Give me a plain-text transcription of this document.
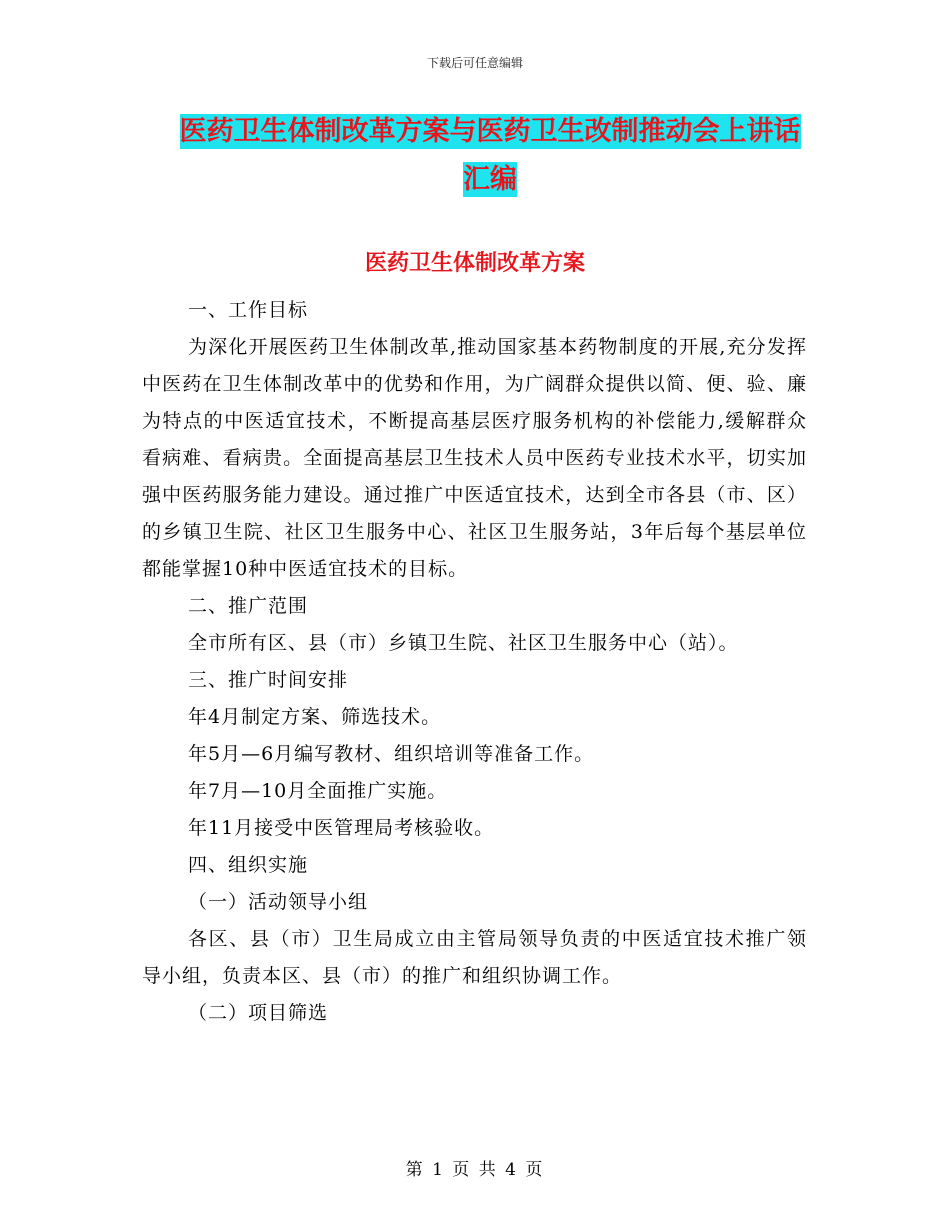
下载后可任意编辑
医药卫生体制改革方案与医药卫生改制推动会上讲话
汇编
医药卫生体制改革方案

一、工作目标

为深化开展医药卫生体制改革,推动国家基本药物制度的开展,充分发挥中医药在卫生体制改革中的优势和作用，为广阔群众提供以简、便、验、廉为特点的中医适宜技术，不断提高基层医疗服务机构的补偿能力,缓解群众看病难、看病贵。全面提高基层卫生技术人员中医药专业技术水平，切实加强中医药服务能力建设。通过推广中医适宜技术，达到全市各县（市、区）的乡镇卫生院、社区卫生服务中心、社区卫生服务站，3年后每个基层单位都能掌握10种中医适宜技术的目标。

二、推广范围

全市所有区、县（市）乡镇卫生院、社区卫生服务中心（站）。

三、推广时间安排

年4月制定方案、筛选技术。

年5月—6月编写教材、组织培训等准备工作。

年7月—10月全面推广实施。

年11月接受中医管理局考核验收。

四、组织实施

（一）活动领导小组

各区、县（市）卫生局成立由主管局领导负责的中医适宜技术推广领导小组，负责本区、县（市）的推广和组织协调工作。

（二）项目筛选

第 1 页 共 4 页
